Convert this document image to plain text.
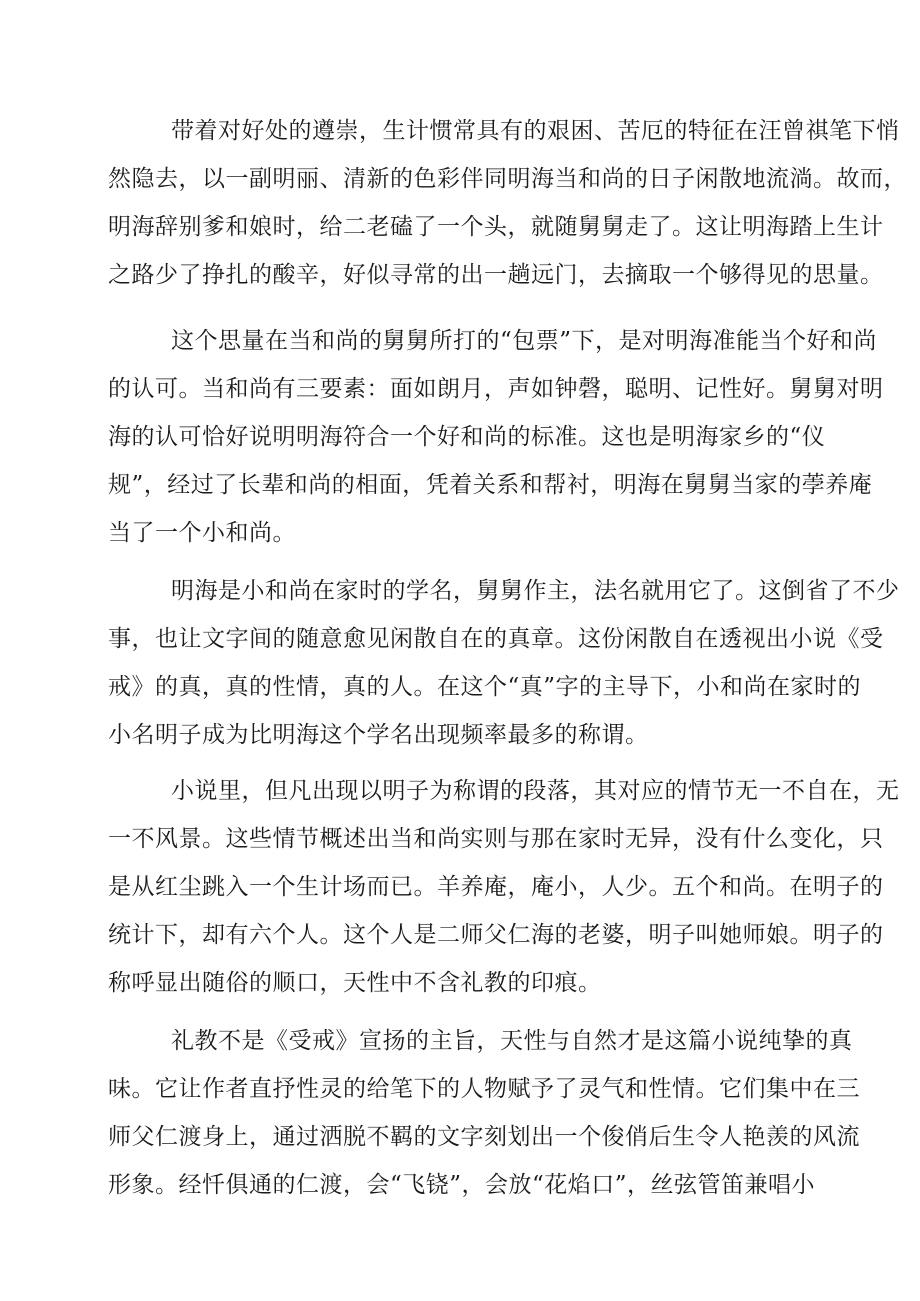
带着对好处的遵崇，生计惯常具有的艰困、苦厄的特征在汪曾祺笔下悄
然隐去，以一副明丽、清新的色彩伴同明海当和尚的日子闲散地流淌。故而，
明海辞别爹和娘时，给二老磕了一个头，就随舅舅走了。这让明海踏上生计
之路少了挣扎的酸辛，好似寻常的出一趟远门，去摘取一个够得见的思量。
这个思量在当和尚的舅舅所打的“包票”下，是对明海准能当个好和尚
的认可。当和尚有三要素：面如朗月，声如钟磬，聪明、记性好。舅舅对明
海的认可恰好说明明海符合一个好和尚的标准。这也是明海家乡的“仪
规”，经过了长辈和尚的相面，凭着关系和帮衬，明海在舅舅当家的荸养庵
当了一个小和尚。
明海是小和尚在家时的学名，舅舅作主，法名就用它了。这倒省了不少
事，也让文字间的随意愈见闲散自在的真章。这份闲散自在透视出小说《受
戒》的真，真的性情，真的人。在这个“真”字的主导下，小和尚在家时的
小名明子成为比明海这个学名出现频率最多的称谓。
小说里，但凡出现以明子为称谓的段落，其对应的情节无一不自在，无
一不风景。这些情节概述出当和尚实则与那在家时无异，没有什么变化，只
是从红尘跳入一个生计场而已。羊养庵，庵小，人少。五个和尚。在明子的
统计下，却有六个人。这个人是二师父仁海的老婆，明子叫她师娘。明子的
称呼显出随俗的顺口，天性中不含礼教的印痕。
礼教不是《受戒》宣扬的主旨，天性与自然才是这篇小说纯挚的真
味。它让作者直抒性灵的给笔下的人物赋予了灵气和性情。它们集中在三
师父仁渡身上，通过洒脱不羁的文字刻划出一个俊俏后生令人艳羡的风流
形象。经忏俱通的仁渡，会“飞铙”，会放“花焰口”，丝弦管笛兼唱小
